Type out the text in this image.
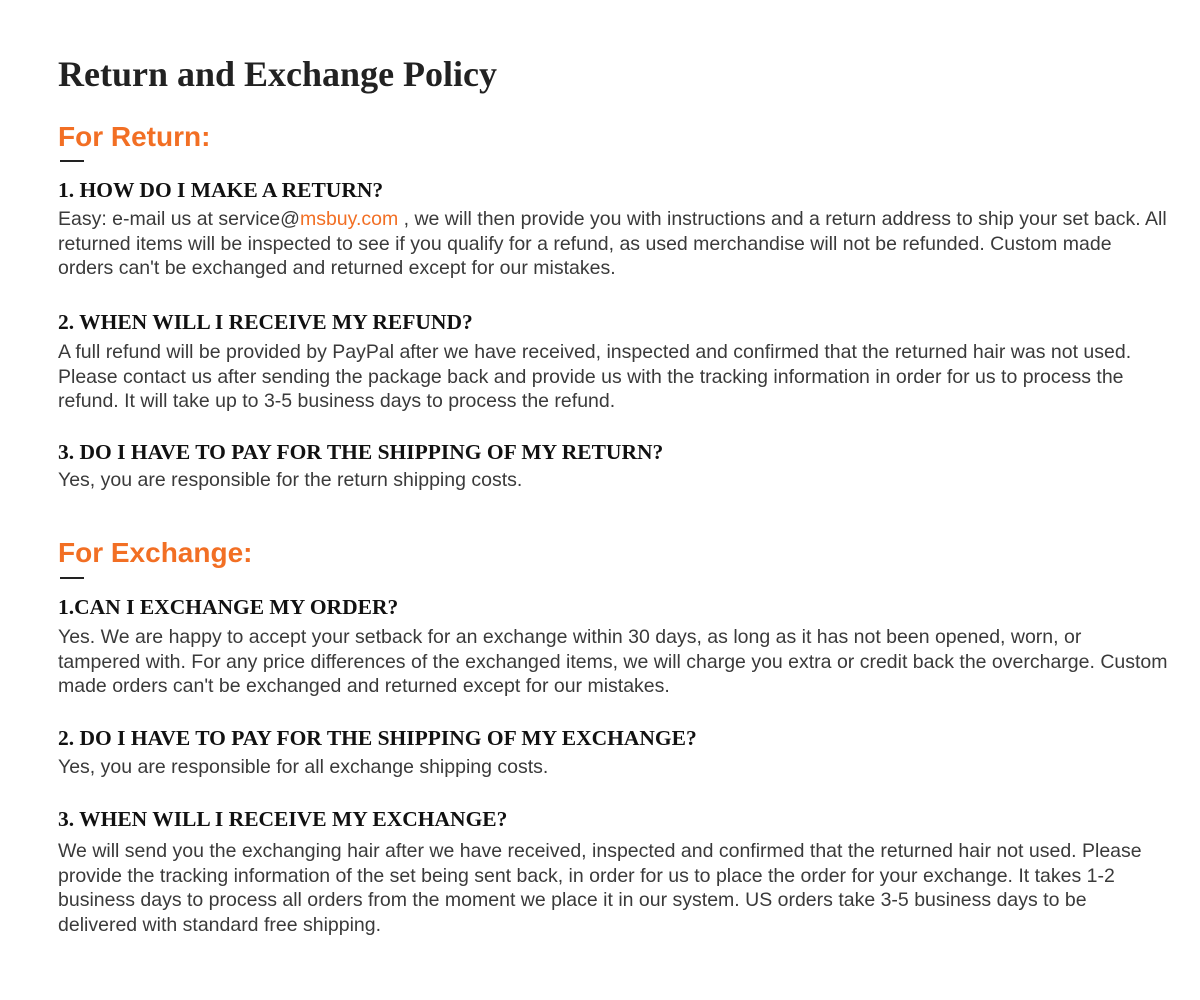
Return and Exchange Policy
For Return:
1. HOW DO I MAKE A RETURN?

Easy: e-mail us at service@msbuy.com , we will then provide you with instructions and a return address to ship your set back. All returned items will be inspected to see if you qualify for a refund, as used merchandise will not be refunded. Custom made orders can't be exchanged and returned except for our mistakes.

2. WHEN WILL I RECEIVE MY REFUND?

A full refund will be provided by PayPal after we have received, inspected and confirmed that the returned hair was not used. Please contact us after sending the package back and provide us with the tracking information in order for us to process the refund. It will take up to 3-5 business days to process the refund.

3. DO I HAVE TO PAY FOR THE SHIPPING OF MY RETURN?

Yes, you are responsible for the return shipping costs.

For Exchange:
1.CAN I EXCHANGE MY ORDER?

Yes. We are happy to accept your setback for an exchange within 30 days, as long as it has not been opened, worn, or tampered with. For any price differences of the exchanged items, we will charge you extra or credit back the overcharge. Custom made orders can't be exchanged and returned except for our mistakes.

2. DO I HAVE TO PAY FOR THE SHIPPING OF MY EXCHANGE?

Yes, you are responsible for all exchange shipping costs.

3. WHEN WILL I RECEIVE MY EXCHANGE?

We will send you the exchanging hair after we have received, inspected and confirmed that the returned hair not used. Please provide the tracking information of the set being sent back, in order for us to place the order for your exchange. It takes 1-2 business days to process all orders from the moment we place it in our system. US orders take 3-5 business days to be delivered with standard free shipping.
